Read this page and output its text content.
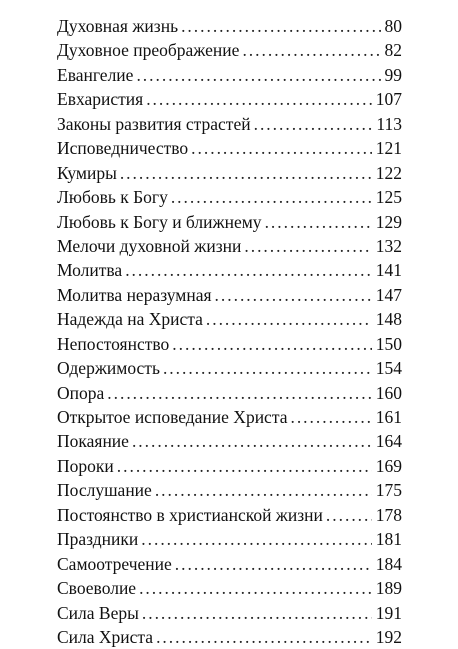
Духовная жизнь . . .	80
Духовное преображение . . .	82
Евангелие . . .	99
Евхаристия . . .	107
Законы развития страстей . . .	113
Исповедничество . . .	121
Кумиры . . .	122
Любовь к Богу . . .	125
Любовь к Богу и ближнему . . .	129
Мелочи духовной жизни . . .	132
Молитва . . .	141
Молитва неразумная . . .	147
Надежда на Христа . . .	148
Непостоянство . . .	150
Одержимость . . .	154
Опора . . .	160
Открытое исповедание Христа . . .	161
Покаяние . . .	164
Пороки . . .	169
Послушание . . .	175
Постоянство в христианской жизни . . .	178
Праздники . . .	181
Самоотречение . . .	184
Своеволие . . .	189
Сила Веры . . .	191
Сила Христа . . .	192
